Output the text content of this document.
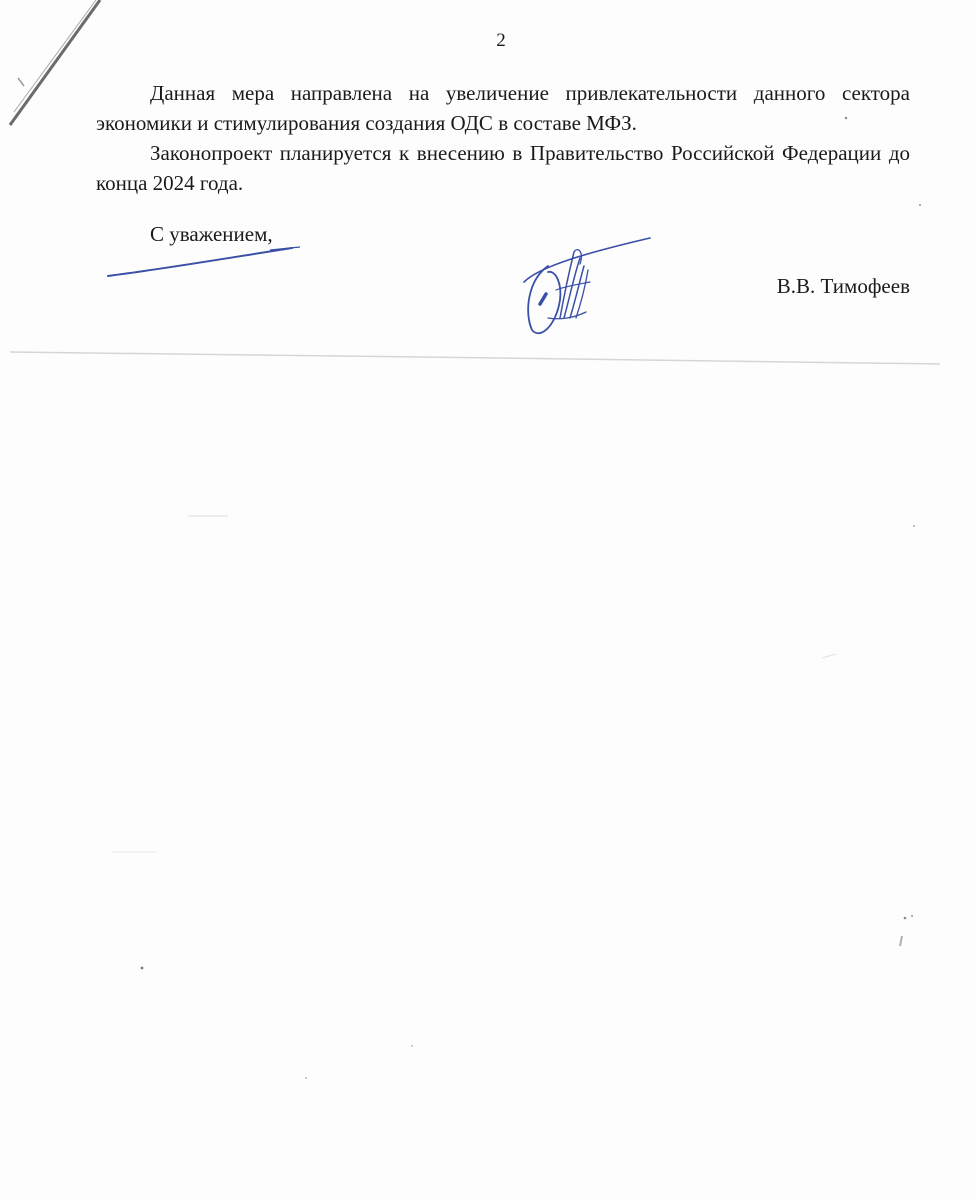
2

Данная мера направлена на увеличение привлекательности данного сектора экономики и стимулирования создания ОДС в составе МФЗ.

Законопроект планируется к внесению в Правительство Российской Федерации до конца 2024 года.

С уважением,
В.В. Тимофеев
